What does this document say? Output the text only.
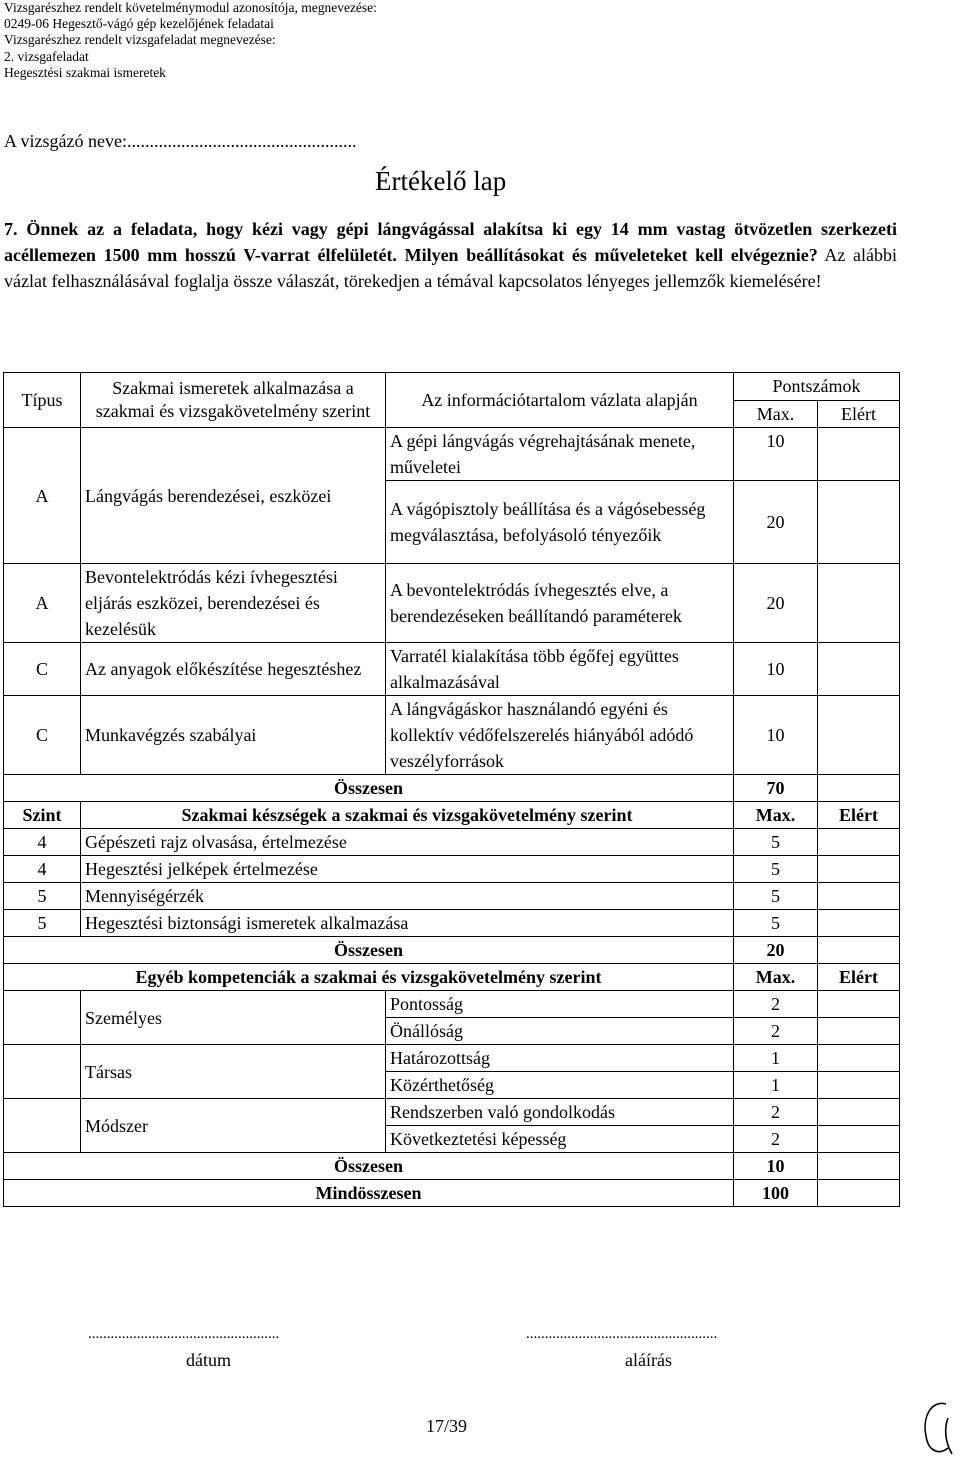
Vizsgarészhez rendelt követelménymodul azonosítója, megnevezése:
0249-06 Hegesztő-vágó gép kezelőjének feladatai
Vizsgarészhez rendelt vizsgafeladat megnevezése:
2. vizsgafeladat
Hegesztési szakmai ismeretek
A vizsgázó neve:...................................................
Értékelő lap
7. Önnek az a feladata, hogy kézi vagy gépi lángvágással alakítsa ki egy 14 mm vastag ötvözetlen szerkezeti acéllemezen 1500 mm hosszú V-varrat élfelületét. Milyen beállításokat és műveleteket kell elvégeznie? Az alábbi vázlat felhasználásával foglalja össze válaszát, törekedjen a témával kapcsolatos lényeges jellemzők kiemelésére!
Típus	Szakmai ismeretek alkalmazása a szakmai és vizsgakövetelmény szerint	Az információtartalom vázlata alapján	Pontszámok	
			Max.	Elért
A	Lángvágás berendezései, eszközei	A gépi lángvágás végrehajtásának menete, műveletei	10	
		A vágópisztoly beállítása és a vágósebesség megválasztása, befolyásoló tényezőik	20	
A	Bevontelektródás kézi ívhegesztési eljárás eszközei, berendezései és kezelésük	A bevontelektródás ívhegesztés elve, a berendezéseken beállítandó paraméterek	20	
C	Az anyagok előkészítése hegesztéshez	Varratél kialakítása több égőfej együttes alkalmazásával	10	
C	Munkavégzés szabályai	A lángvágáskor használandó egyéni és kollektív védőfelszerelés hiányából adódó veszélyforrások	10	
Összesen			70	
Szint	Szakmai készségek a szakmai és vizsgakövetelmény szerint		Max.	Elért
4	Gépészeti rajz olvasása, értelmezése		5	
4	Hegesztési jelképek értelmezése		5	
5	Mennyiségérzék		5	
5	Hegesztési biztonsági ismeretek alkalmazása		5	
Összesen			20	
Egyéb kompetenciák a szakmai és vizsgakövetelmény szerint			Max.	Elért
	Személyes	Pontosság	2	
		Önállóság	2	
	Társas	Határozottság	1	
		Közérthetőség	1	
	Módszer	Rendszerben való gondolkodás	2	
		Következtetési képesség	2	
Összesen			10	
Mindösszesen			100	
...................................................
dátum
...................................................
aláírás
17/39
